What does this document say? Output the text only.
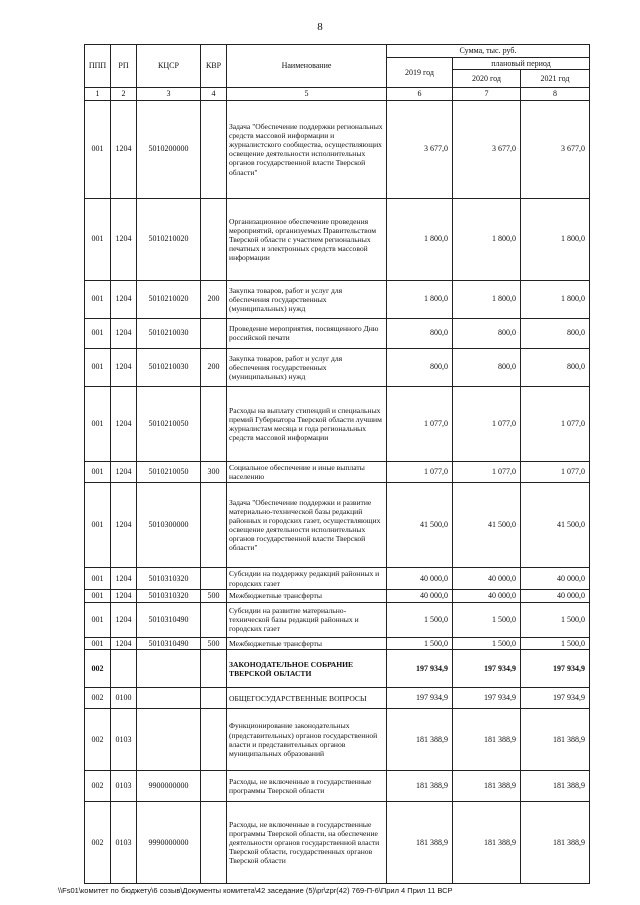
8
ППП	РП	КЦСР	КВР	Наименование	Сумма, тыс. руб.		
					2019 год	плановый период	
						2020 год	2021 год
1	2	3	4	5	6	7	8
001	1204	5010200000		Задача "Обеспечение поддержки региональных средств массовой информации и журналистского сообщества, осуществляющих освещение деятельности исполнительных органов государственной власти Тверской области"	3 677,0	3 677,0	3 677,0
001	1204	5010210020		Организационное обеспечение проведения мероприятий, организуемых Правительством Тверской области с участием региональных печатных и электронных средств массовой информации	1 800,0	1 800,0	1 800,0
001	1204	5010210020	200	Закупка товаров, работ и услуг для обеспечения государственных (муниципальных) нужд	1 800,0	1 800,0	1 800,0
001	1204	5010210030		Проведение мероприятия, посвященного Дню российской печати	800,0	800,0	800,0
001	1204	5010210030	200	Закупка товаров, работ и услуг для обеспечения государственных (муниципальных) нужд	800,0	800,0	800,0
001	1204	5010210050		Расходы на выплату стипендий и специальных премий Губернатора Тверской области лучшим журналистам месяца и года региональных средств массовой информации	1 077,0	1 077,0	1 077,0
001	1204	5010210050	300	Социальное обеспечение и иные выплаты населению	1 077,0	1 077,0	1 077,0
001	1204	5010300000		Задача "Обеспечение поддержки и развитие материально-технической базы редакций районных и городских газет, осуществляющих освещение деятельности исполнительных органов государственной власти Тверской области"	41 500,0	41 500,0	41 500,0
001	1204	5010310320		Субсидии на поддержку редакций районных и городских газет	40 000,0	40 000,0	40 000,0
001	1204	5010310320	500	Межбюджетные трансферты	40 000,0	40 000,0	40 000,0
001	1204	5010310490		Субсидии на развитие материально-технической базы редакций районных и городских газет	1 500,0	1 500,0	1 500,0
001	1204	5010310490	500	Межбюджетные трансферты	1 500,0	1 500,0	1 500,0
002				ЗАКОНОДАТЕЛЬНОЕ СОБРАНИЕ ТВЕРСКОЙ ОБЛАСТИ	197 934,9	197 934,9	197 934,9
002	0100			ОБЩЕГОСУДАРСТВЕННЫЕ ВОПРОСЫ	197 934,9	197 934,9	197 934,9
002	0103			Функционирование законодательных (представительных) органов государственной власти и представительных органов муниципальных образований	181 388,9	181 388,9	181 388,9
002	0103	9900000000		Расходы, не включенные в государственные программы Тверской области	181 388,9	181 388,9	181 388,9
002	0103	9990000000		Расходы, не включенные в государственные программы Тверской области, на обеспечение деятельности органов государственной власти Тверской области, государственных органов Тверской области	181 388,9	181 388,9	181 388,9
\\Fs01\комитет по бюджету\6 созыв\Документы комитета\42 заседание (5)\pr\zpr(42) 769-П-6\Прил 4 Прил 11 ВСР
